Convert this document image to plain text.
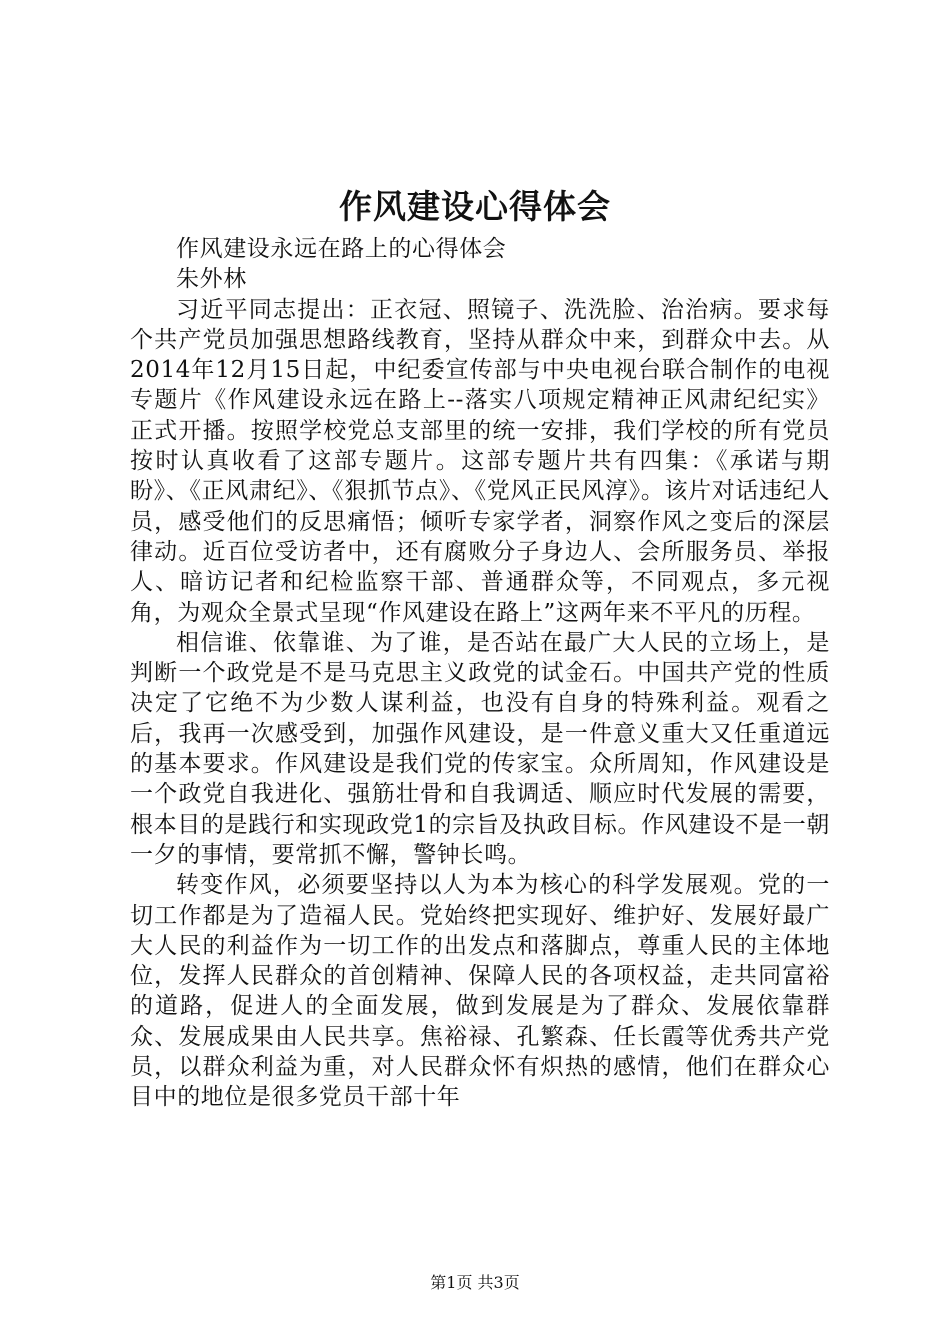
作风建设心得体会

作风建设永远在路上的心得体会

朱外林

习近平同志提出：正衣冠、照镜子、洗洗脸、治治病。要求每个共产党员加强思想路线教育，坚持从群众中来，到群众中去。从2014年12月15日起，中纪委宣传部与中央电视台联合制作的电视专题片《作风建设永远在路上--落实八项规定精神正风肃纪纪实》正式开播。按照学校党总支部里的统一安排，我们学校的所有党员按时认真收看了这部专题片。这部专题片共有四集：《承诺与期盼》、《正风肃纪》、《狠抓节点》、《党风正民风淳》。该片对话违纪人员，感受他们的反思痛悟；倾听专家学者，洞察作风之变后的深层律动。近百位受访者中，还有腐败分子身边人、会所服务员、举报人、暗访记者和纪检监察干部、普通群众等，不同观点，多元视角，为观众全景式呈现“作风建设在路上”这两年来不平凡的历程。

相信谁、依靠谁、为了谁，是否站在最广大人民的立场上，是判断一个政党是不是马克思主义政党的试金石。中国共产党的性质决定了它绝不为少数人谋利益，也没有自身的特殊利益。观看之后，我再一次感受到，加强作风建设，是一件意义重大又任重道远的基本要求。作风建设是我们党的传家宝。众所周知，作风建设是一个政党自我进化、强筋壮骨和自我调适、顺应时代发展的需要，根本目的是践行和实现政党1的宗旨及执政目标。作风建设不是一朝一夕的事情，要常抓不懈，警钟长鸣。

转变作风，必须要坚持以人为本为核心的科学发展观。党的一切工作都是为了造福人民。党始终把实现好、维护好、发展好最广大人民的利益作为一切工作的出发点和落脚点，尊重人民的主体地位，发挥人民群众的首创精神、保障人民的各项权益，走共同富裕的道路，促进人的全面发展，做到发展是为了群众、发展依靠群众、发展成果由人民共享。焦裕禄、孔繁森、任长霞等优秀共产党员，以群众利益为重，对人民群众怀有炽热的感情，他们在群众心目中的地位是很多党员干部十年

第1页 共3页
